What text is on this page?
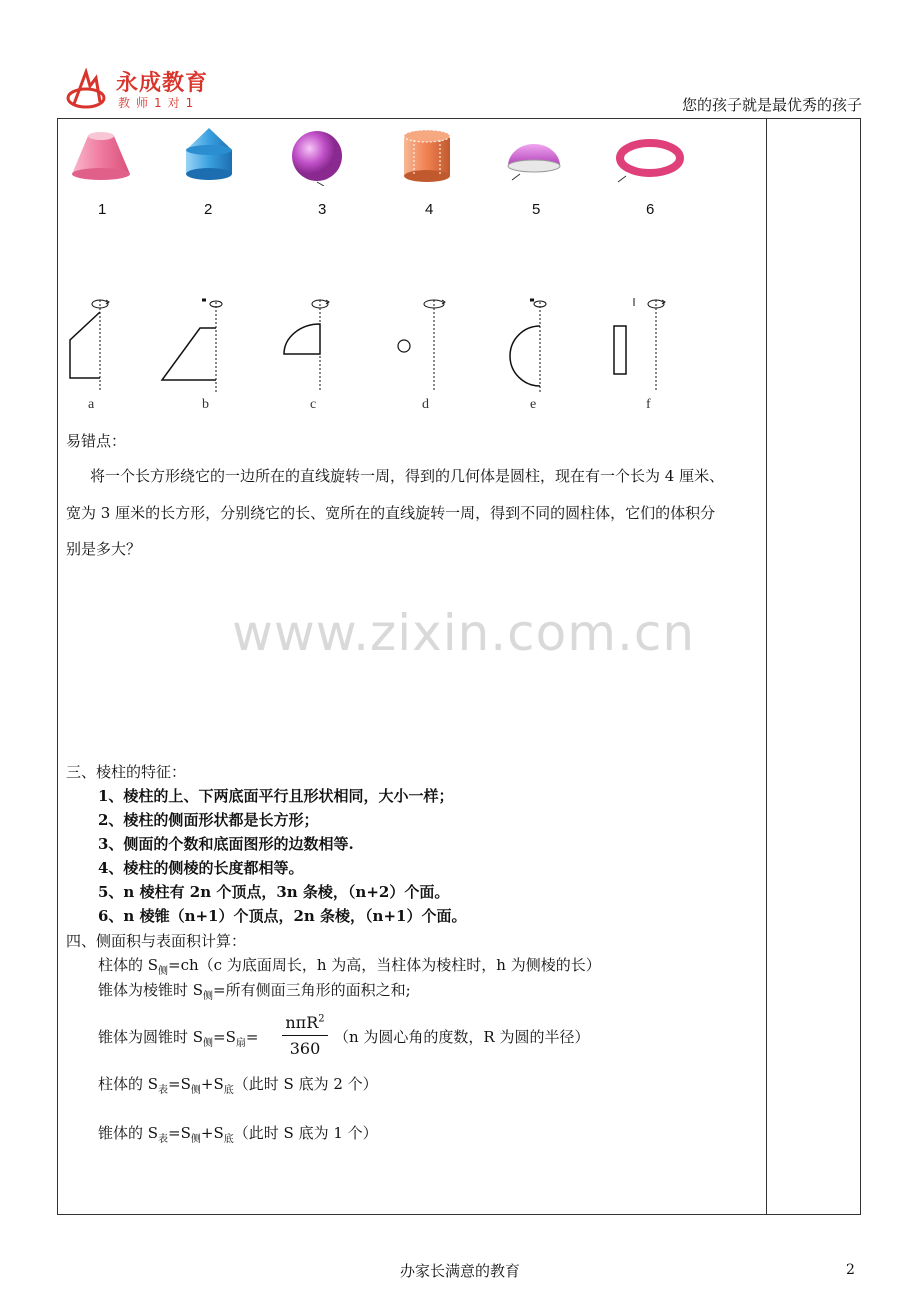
永成教育
教师1对1	您的孩子就是最优秀的孩子
1	2	3	4	5	6
a	b	c	d	e	f
易错点：
将一个长方形绕它的一边所在的直线旋转一周，得到的几何体是圆柱，现在有一个长为 4 厘米、
宽为 3 厘米的长方形，分别绕它的长、宽所在的直线旋转一周，得到不同的圆柱体，它们的体积分
别是多大？
www.zixin.com.cn
三、棱柱的特征：
1、棱柱的上、下两底面平行且形状相同，大小一样；
2、棱柱的侧面形状都是长方形；
3、侧面的个数和底面图形的边数相等.
4、棱柱的侧棱的长度都相等。
5、n 棱柱有 2n 个顶点，3n 条棱，（n+2）个面。
6、n 棱锥（n+1）个顶点，2n 条棱，（n+1）个面。
四、侧面积与表面积计算：
柱体的 $S_侧=ch(c$ 为底面周长，h 为高，当柱体为棱柱时，h 为侧棱的长）
锥体为棱锥时 $S_侧=$所有侧面三角形的面积之和;
锥体为圆锥时 $S_侧=S_扇=$
nπR$^2$
360
（n 为圆心角的度数，R 为圆的半径）
柱体的 $S_表=S_侧+S_底$（此时 S 底为 2 个）
锥体的 $S_表=S_侧+S_底$（此时 S 底为 1 个）
办家长满意的教育	2
